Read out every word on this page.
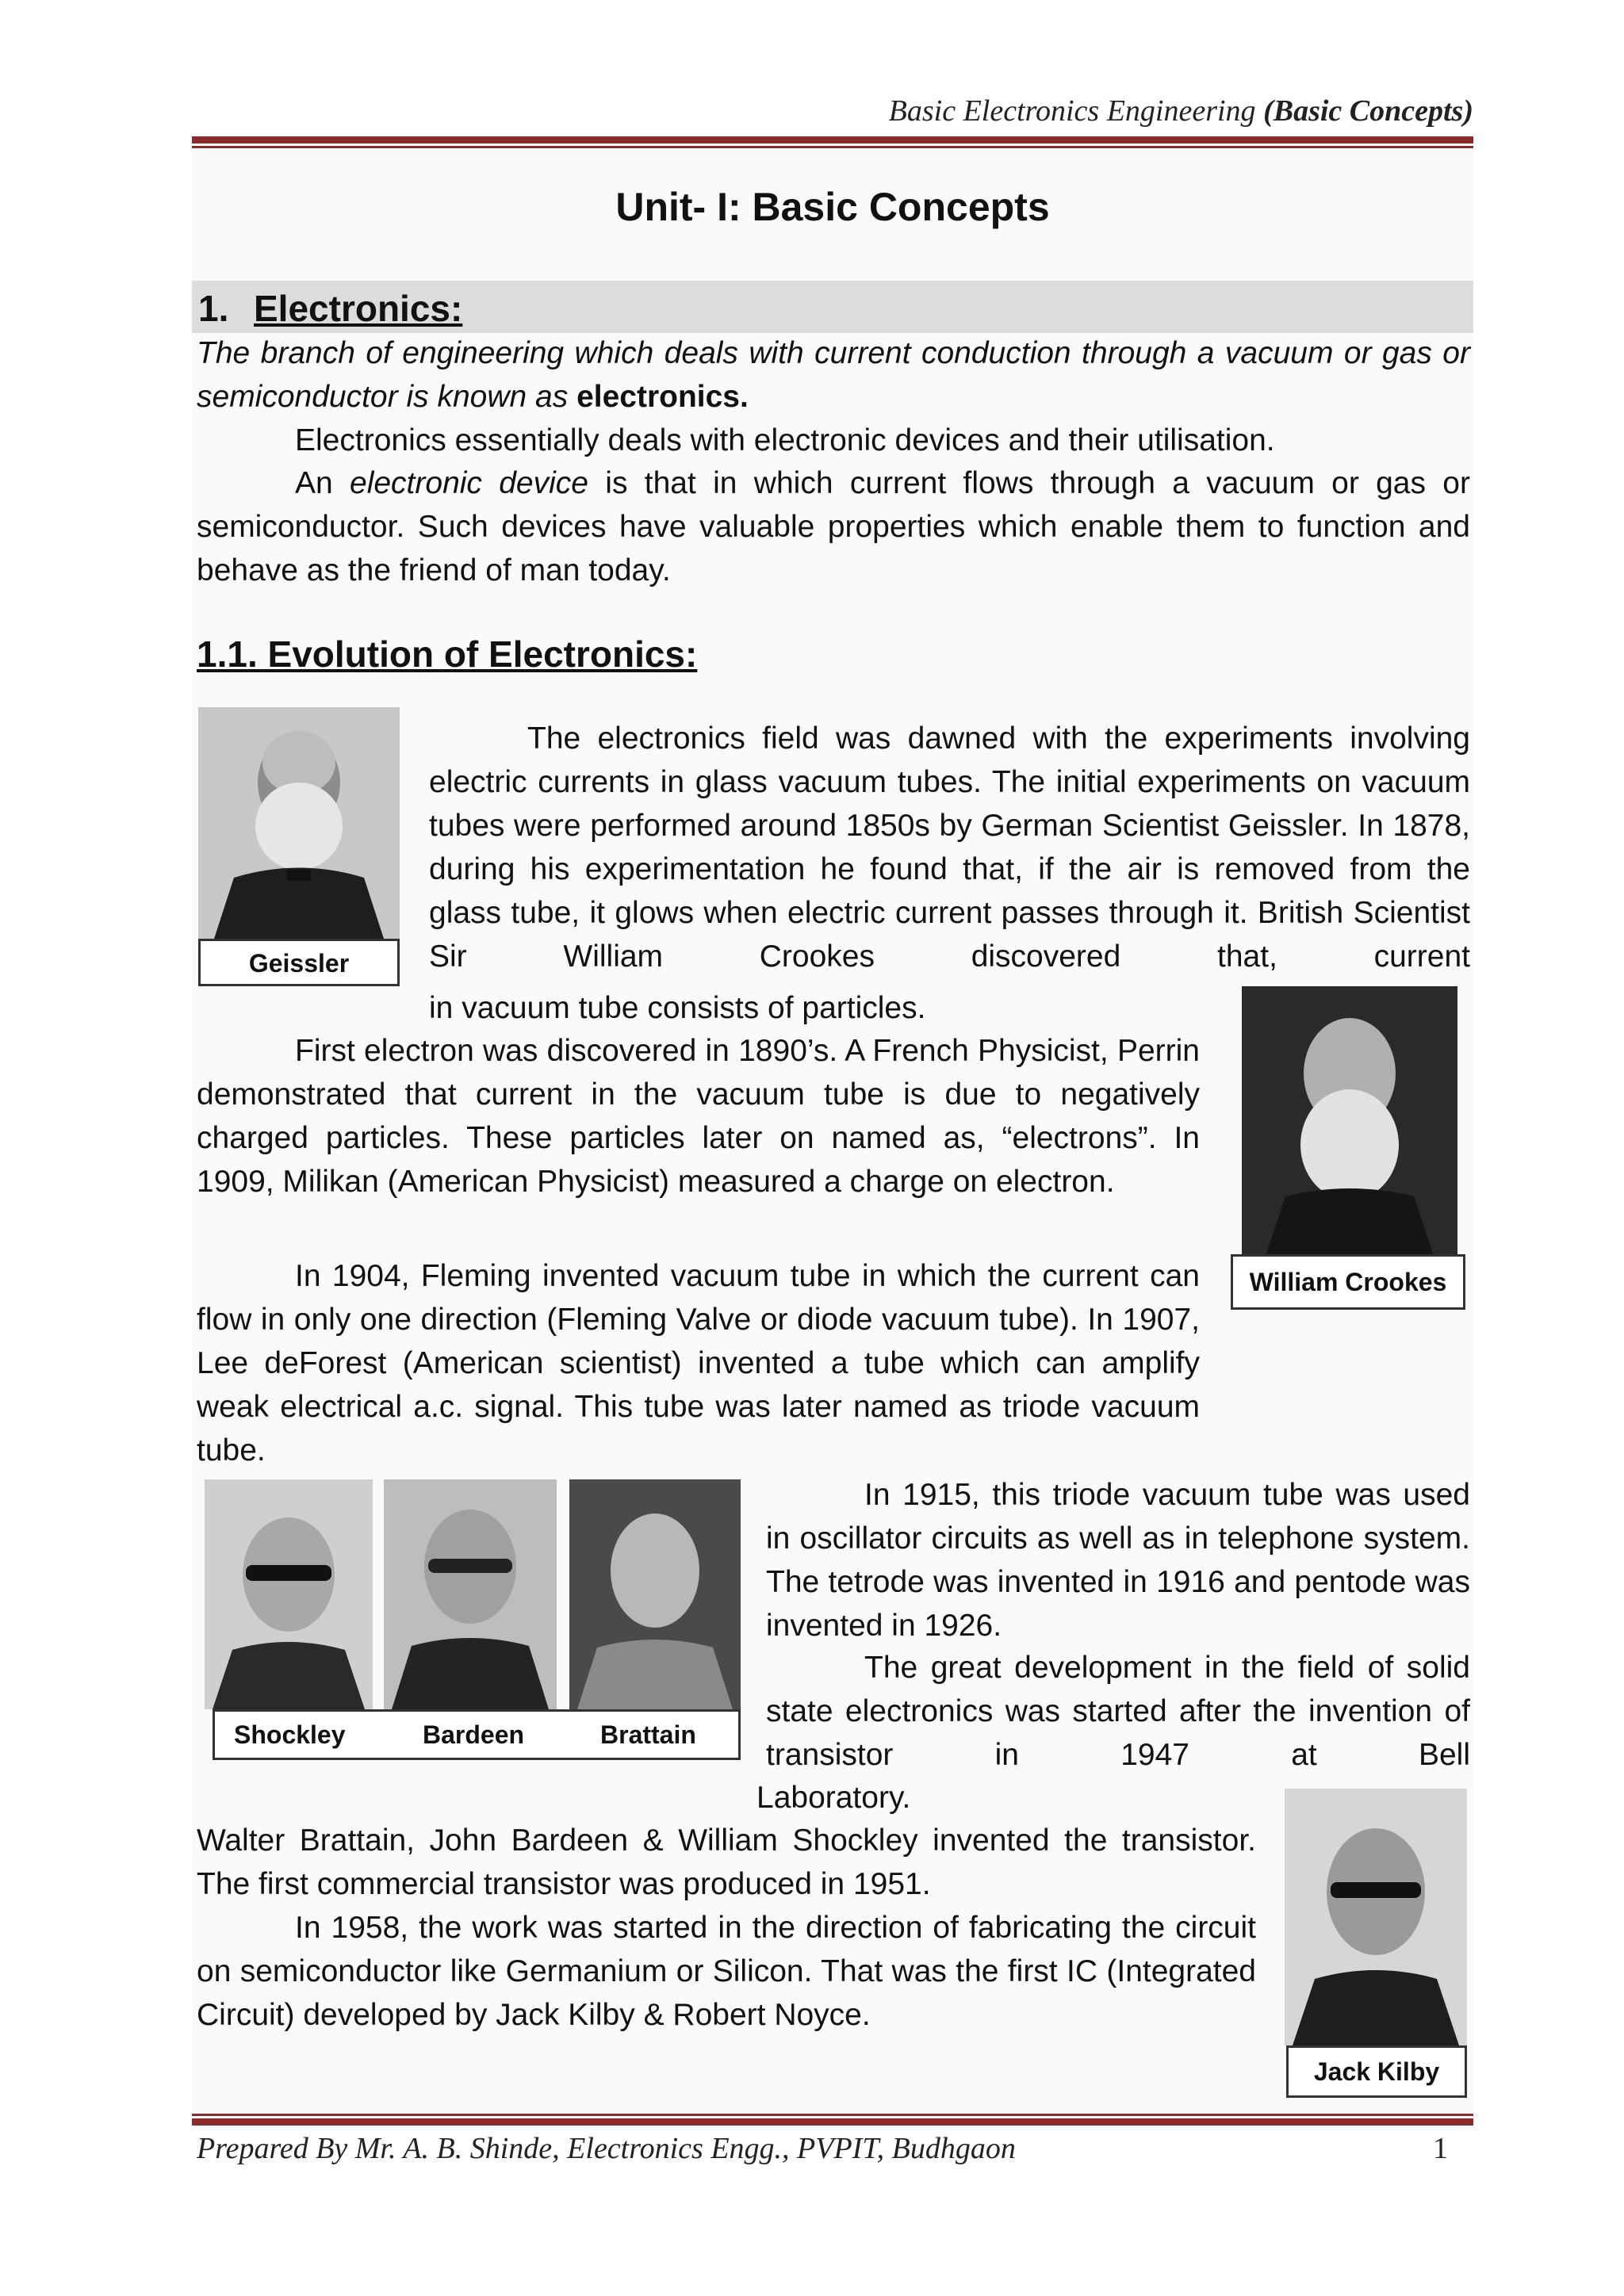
Basic Electronics Engineering (Basic Concepts)
Unit- I: Basic Concepts
1. Electronics:
The branch of engineering which deals with current conduction through a vacuum or gas or semiconductor is known as electronics.
Electronics essentially deals with electronic devices and their utilisation.
An electronic device is that in which current flows through a vacuum or gas or semiconductor. Such devices have valuable properties which enable them to function and behave as the friend of man today.
1.1. Evolution of Electronics:
Geissler
The electronics field was dawned with the experiments involving electric currents in glass vacuum tubes. The initial experiments on vacuum tubes were performed around 1850s by German Scientist Geissler. In 1878, during his experimentation he found that, if the air is removed from the glass tube, it glows when electric current passes through it. British Scientist Sir William Crookes discovered that, current
in vacuum tube consists of particles.
William Crookes
First electron was discovered in 1890’s. A French Physicist, Perrin demonstrated that current in the vacuum tube is due to negatively charged particles. These particles later on named as, “electrons”. In 1909, Milikan (American Physicist) measured a charge on electron.
In 1904, Fleming invented vacuum tube in which the current can flow in only one direction (Fleming Valve or diode vacuum tube). In 1907, Lee deForest (American scientist) invented a tube which can amplify weak electrical a.c. signal. This tube was later named as triode vacuum tube.
Shockley	Bardeen	Brattain
In 1915, this triode vacuum tube was used in oscillator circuits as well as in telephone system. The tetrode was invented in 1916 and pentode was invented in 1926.
The great development in the field of solid state electronics was started after the invention of transistor in 1947 at Bell
Laboratory.
Jack Kilby
Walter Brattain, John Bardeen & William Shockley invented the transistor. The first commercial transistor was produced in 1951.
In 1958, the work was started in the direction of fabricating the circuit on semiconductor like Germanium or Silicon. That was the first IC (Integrated Circuit) developed by Jack Kilby & Robert Noyce.
Prepared By Mr. A. B. Shinde, Electronics Engg., PVPIT, Budhgaon	1
